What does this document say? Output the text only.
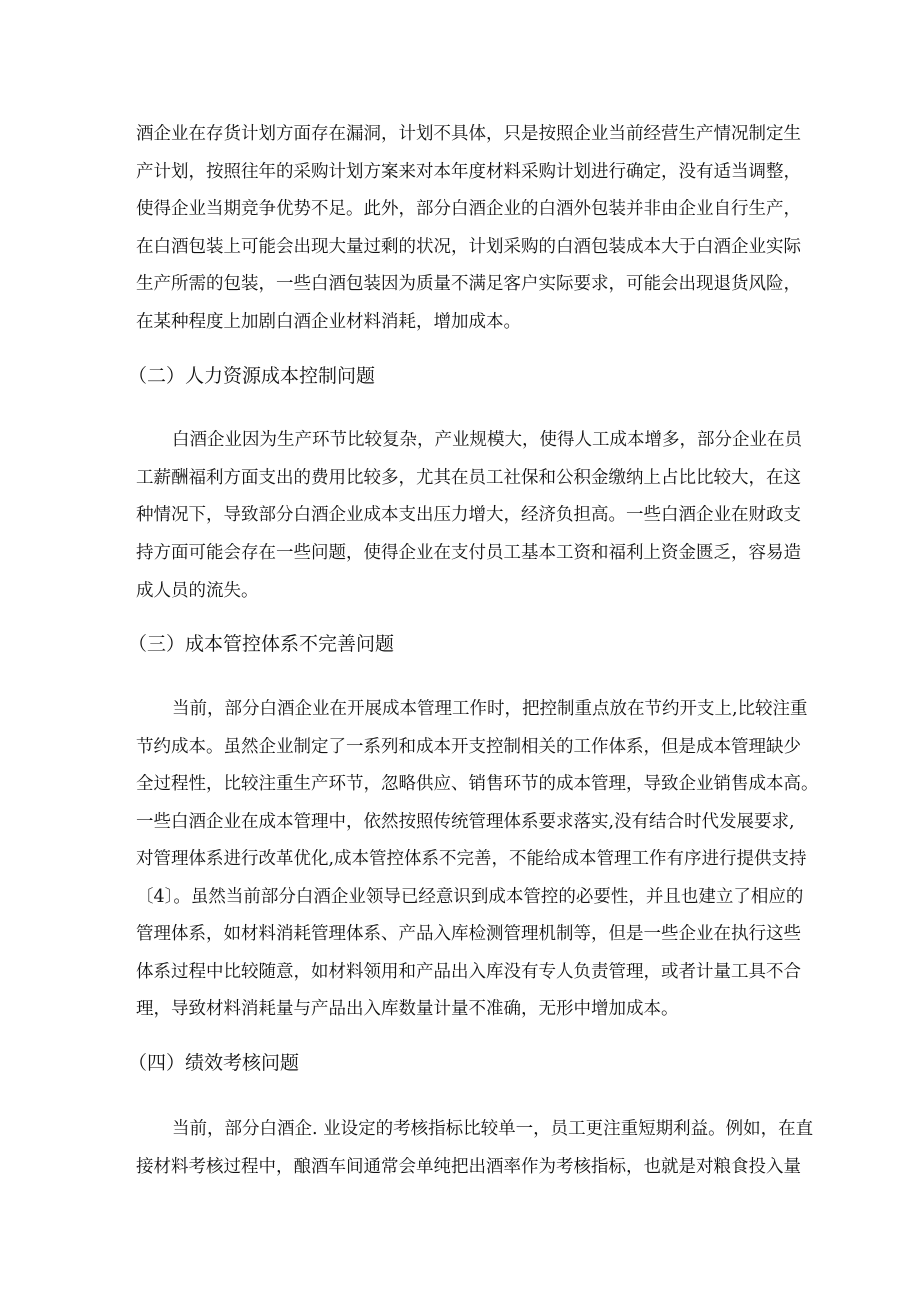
酒企业在存货计划方面存在漏洞，计划不具体，只是按照企业当前经营生产情况制定生
产计划，按照往年的采购计划方案来对本年度材料采购计划进行确定，没有适当调整，
使得企业当期竞争优势不足。此外，部分白酒企业的白酒外包装并非由企业自行生产，
在白酒包装上可能会出现大量过剩的状况，计划采购的白酒包装成本大于白酒企业实际
生产所需的包装，一些白酒包装因为质量不满足客户实际要求，可能会出现退货风险，
在某种程度上加剧白酒企业材料消耗，增加成本。
（二）人力资源成本控制问题
白酒企业因为生产环节比较复杂，产业规模大，使得人工成本增多，部分企业在员
工薪酬福利方面支出的费用比较多，尤其在员工社保和公积金缴纳上占比比较大，在这
种情况下，导致部分白酒企业成本支出压力增大，经济负担高。一些白酒企业在财政支
持方面可能会存在一些问题，使得企业在支付员工基本工资和福利上资金匮乏，容易造
成人员的流失。
（三）成本管控体系不完善问题
当前，部分白酒企业在开展成本管理工作时，把控制重点放在节约开支上,比较注重
节约成本。虽然企业制定了一系列和成本开支控制相关的工作体系，但是成本管理缺少
全过程性，比较注重生产环节，忽略供应、销售环节的成本管理，导致企业销售成本高。
一些白酒企业在成本管理中，依然按照传统管理体系要求落实,没有结合时代发展要求,
对管理体系进行改革优化,成本管控体系不完善，不能给成本管理工作有序进行提供支持
〔4〕。虽然当前部分白酒企业领导已经意识到成本管控的必要性，并且也建立了相应的
管理体系，如材料消耗管理体系、产品入库检测管理机制等，但是一些企业在执行这些
体系过程中比较随意，如材料领用和产品出入库没有专人负责管理，或者计量工具不合
理，导致材料消耗量与产品出入库数量计量不准确，无形中增加成本。
（四）绩效考核问题
当前，部分白酒企. 业设定的考核指标比较单一，员工更注重短期利益。例如，在直
接材料考核过程中，酿酒车间通常会单纯把出酒率作为考核指标，也就是对粮食投入量
